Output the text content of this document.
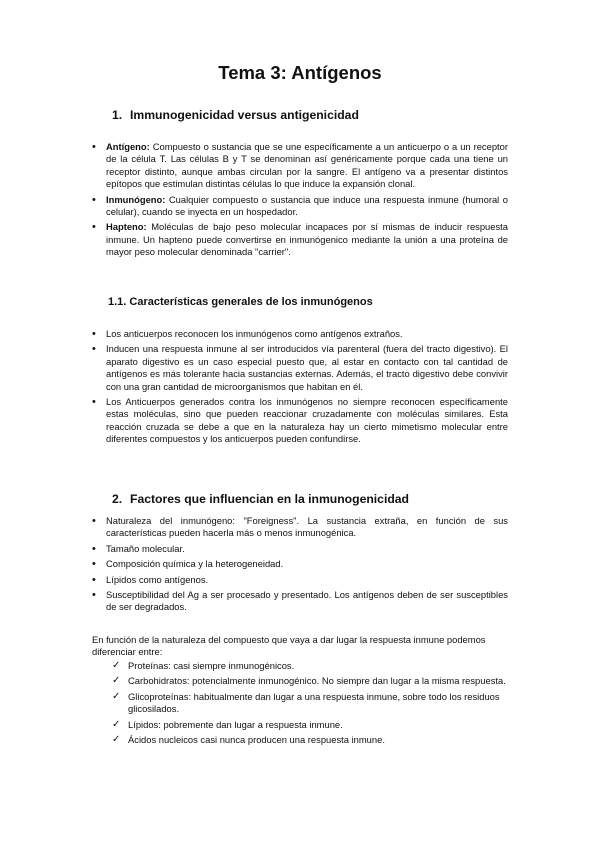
Tema 3: Antígenos
1. Immunogenicidad versus antigenicidad
• Antígeno: Compuesto o sustancia que se une específicamente a un anticuerpo o a un receptor de la célula T. Las células B y T se denominan así genéricamente porque cada una tiene un receptor distinto, aunque ambas circulan por la sangre. El antígeno va a presentar distintos epítopos que estimulan distintas células lo que induce la expansión clonal.
• Inmunógeno: Cualquier compuesto o sustancia que induce una respuesta inmune (humoral o celular), cuando se inyecta en un hospedador.
• Hapteno: Moléculas de bajo peso molecular incapaces por sí mismas de inducir respuesta inmune. Un hapteno puede convertirse en inmunógenico mediante la unión a una proteína de mayor peso molecular denominada "carrier".
1.1. Características generales de los inmunógenos
• Los anticuerpos reconocen los inmunógenos como antígenos extraños.
• Inducen una respuesta inmune al ser introducidos vía parenteral (fuera del tracto digestivo). El aparato digestivo es un caso especial puesto que, al estar en contacto con tal cantidad de antígenos es más tolerante hacia sustancias externas. Además, el tracto digestivo debe convivir con una gran cantidad de microorganismos que habitan en él.
• Los Anticuerpos generados contra los inmunógenos no siempre reconocen específicamente estas moléculas, sino que pueden reaccionar cruzadamente con moléculas similares. Esta reacción cruzada se debe a que en la naturaleza hay un cierto mimetismo molecular entre diferentes compuestos y los anticuerpos pueden confundirse.
2. Factores que influencian en la inmunogenicidad
• Naturaleza del inmunógeno: "Foreigness". La sustancia extraña, en función de sus características pueden hacerla más o menos inmunogénica.
• Tamaño molecular.
• Composición química y la heterogeneidad.
• Lípidos como antígenos.
• Susceptibilidad del Ag a ser procesado y presentado. Los antígenos deben de ser susceptibles de ser degradados.

En función de la naturaleza del compuesto que vaya a dar lugar la respuesta inmune podemos diferenciar entre:

✓ Proteínas: casi siempre inmunogénicos.
✓ Carbohidratos: potencialmente inmunogénico. No siempre dan lugar a la misma respuesta.
✓ Glicoproteínas: habitualmente dan lugar a una respuesta inmune, sobre todo los residuos glicosilados.
✓ Lípidos: pobremente dan lugar a respuesta inmune.
✓ Ácidos nucleicos casi nunca producen una respuesta inmune.
